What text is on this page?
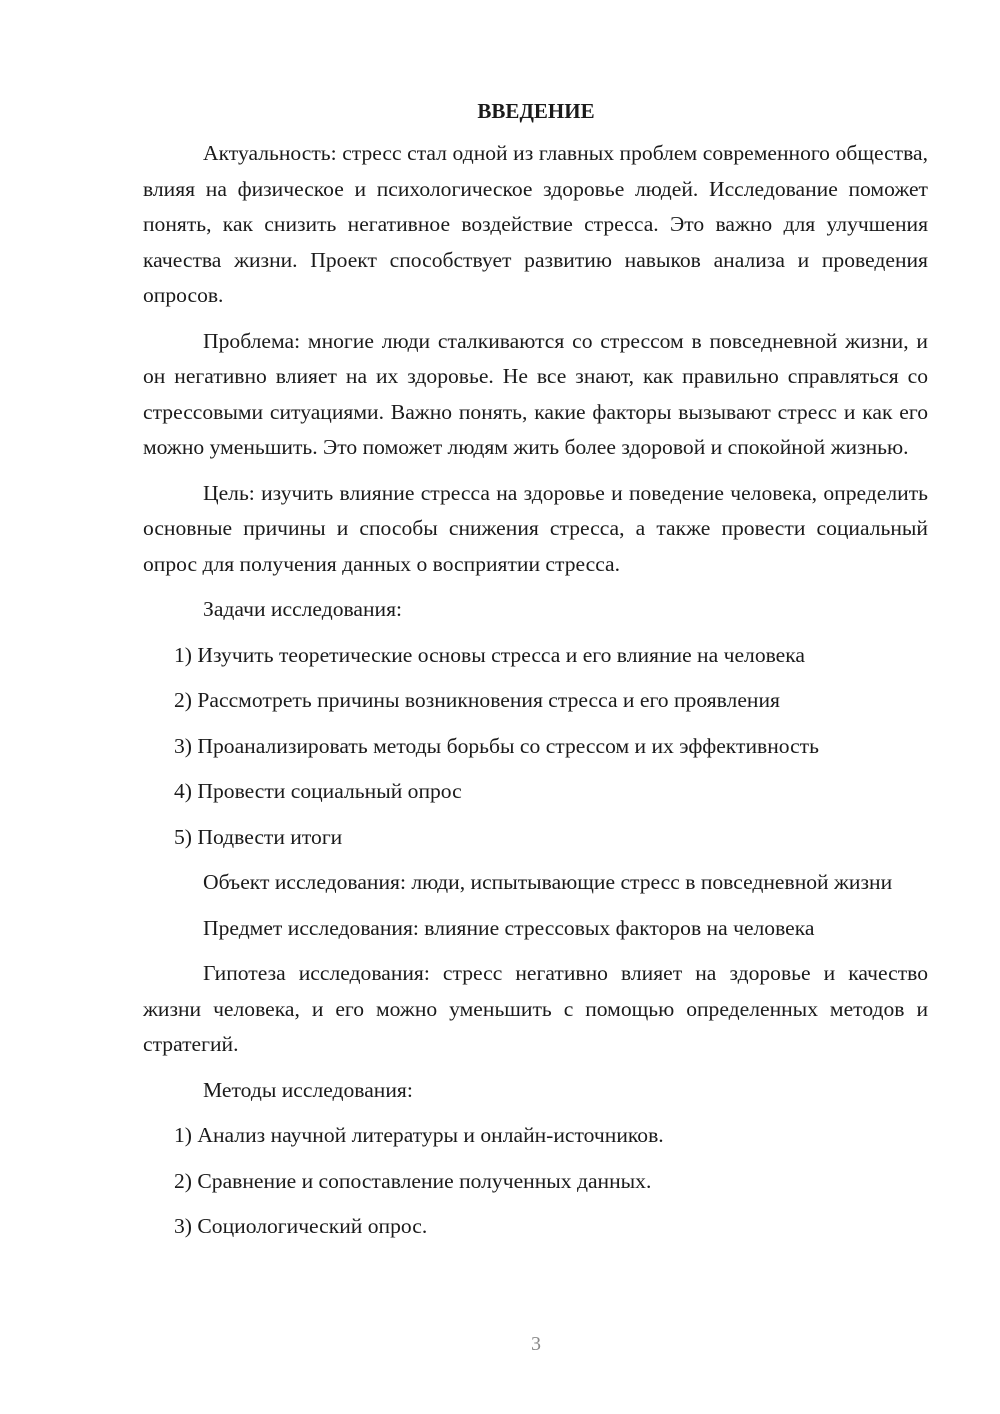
ВВЕДЕНИЕ

Актуальность: стресс стал одной из главных проблем современного общества, влияя на физическое и психологическое здоровье людей. Исследование поможет понять, как снизить негативное воздействие стресса. Это важно для улучшения качества жизни. Проект способствует развитию навыков анализа и проведения опросов.

Проблема: многие люди сталкиваются со стрессом в повседневной жизни, и он негативно влияет на их здоровье. Не все знают, как правильно справляться со стрессовыми ситуациями. Важно понять, какие факторы вызывают стресс и как его можно уменьшить. Это поможет людям жить более здоровой и спокойной жизнью.

Цель: изучить влияние стресса на здоровье и поведение человека, определить основные причины и способы снижения стресса, а также провести социальный опрос для получения данных о восприятии стресса.

Задачи исследования:

1) Изучить теоретические основы стресса и его влияние на человека
2) Рассмотреть причины возникновения стресса и его проявления
3) Проанализировать методы борьбы со стрессом и их эффективность
4) Провести социальный опрос
5) Подвести итоги

Объект исследования: люди, испытывающие стресс в повседневной жизни

Предмет исследования: влияние стрессовых факторов на человека

Гипотеза исследования: стресс негативно влияет на здоровье и качество жизни человека, и его можно уменьшить с помощью определенных методов и стратегий.

Методы исследования:

1) Анализ научной литературы и онлайн-источников.
2) Сравнение и сопоставление полученных данных.
3) Социологический опрос.
3
